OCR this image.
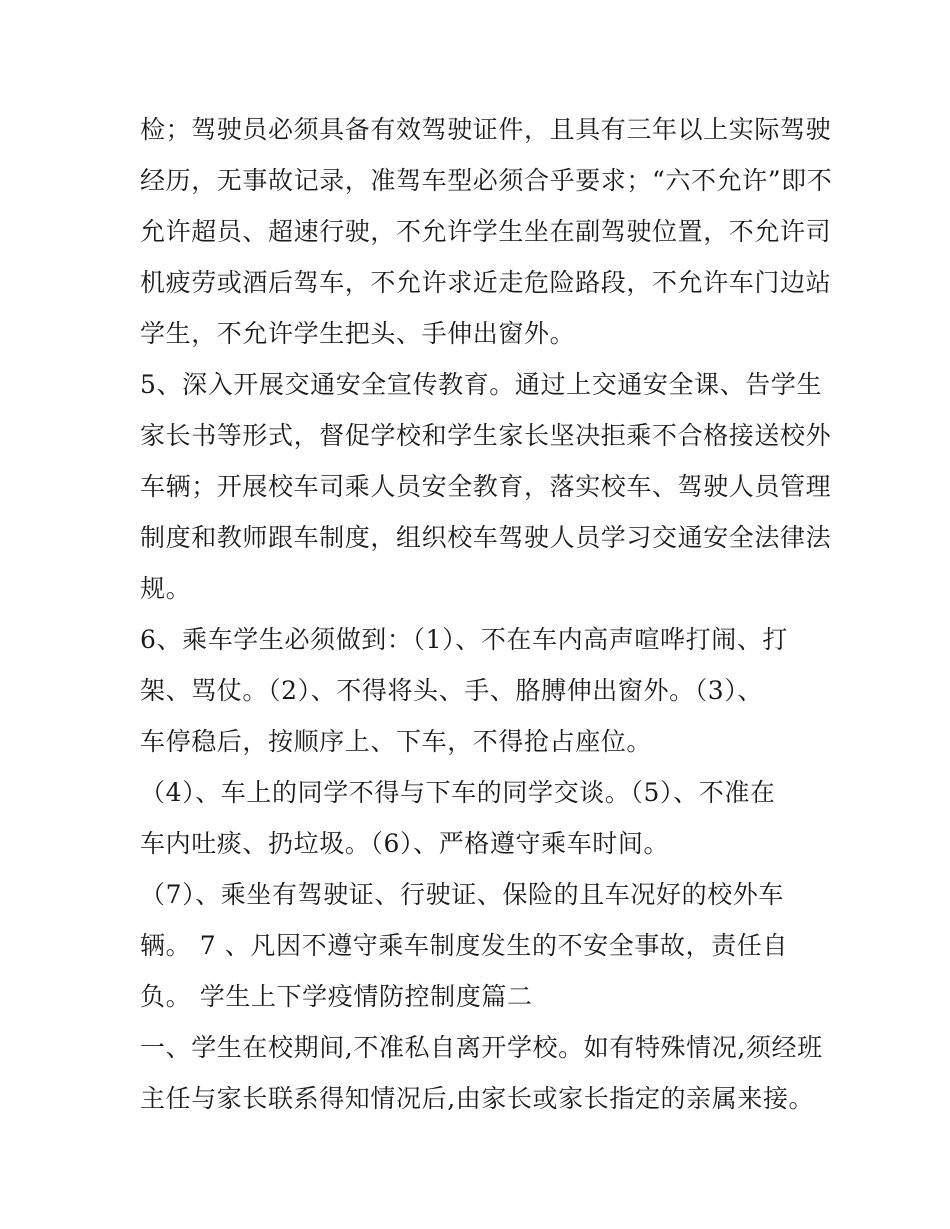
检；驾驶员必须具备有效驾驶证件，且具有三年以上实际驾驶
经历，无事故记录，准驾车型必须合乎要求；“六不允许”即不
允许超员、超速行驶，不允许学生坐在副驾驶位置，不允许司
机疲劳或酒后驾车，不允许求近走危险路段，不允许车门边站
学生，不允许学生把头、手伸出窗外。
5、深入开展交通安全宣传教育。通过上交通安全课、告学生
家长书等形式，督促学校和学生家长坚决拒乘不合格接送校外
车辆；开展校车司乘人员安全教育，落实校车、驾驶人员管理
制度和教师跟车制度，组织校车驾驶人员学习交通安全法律法
规。
6、乘车学生必须做到：（1）、不在车内高声喧哗打闹、打
架、骂仗。（2）、不得将头、手、胳膊伸出窗外。（3）、
车停稳后，按顺序上、下车，不得抢占座位。
（4）、车上的同学不得与下车的同学交谈。（5）、不准在
车内吐痰、扔垃圾。（6）、严格遵守乘车时间。
（7）、乘坐有驾驶证、行驶证、保险的且车况好的校外车
辆。 7 、凡因不遵守乘车制度发生的不安全事故，责任自
负。 学生上下学疫情防控制度篇二
一、学生在校期间,不准私自离开学校。如有特殊情况,须经班
主任与家长联系得知情况后,由家长或家长指定的亲属来接。
